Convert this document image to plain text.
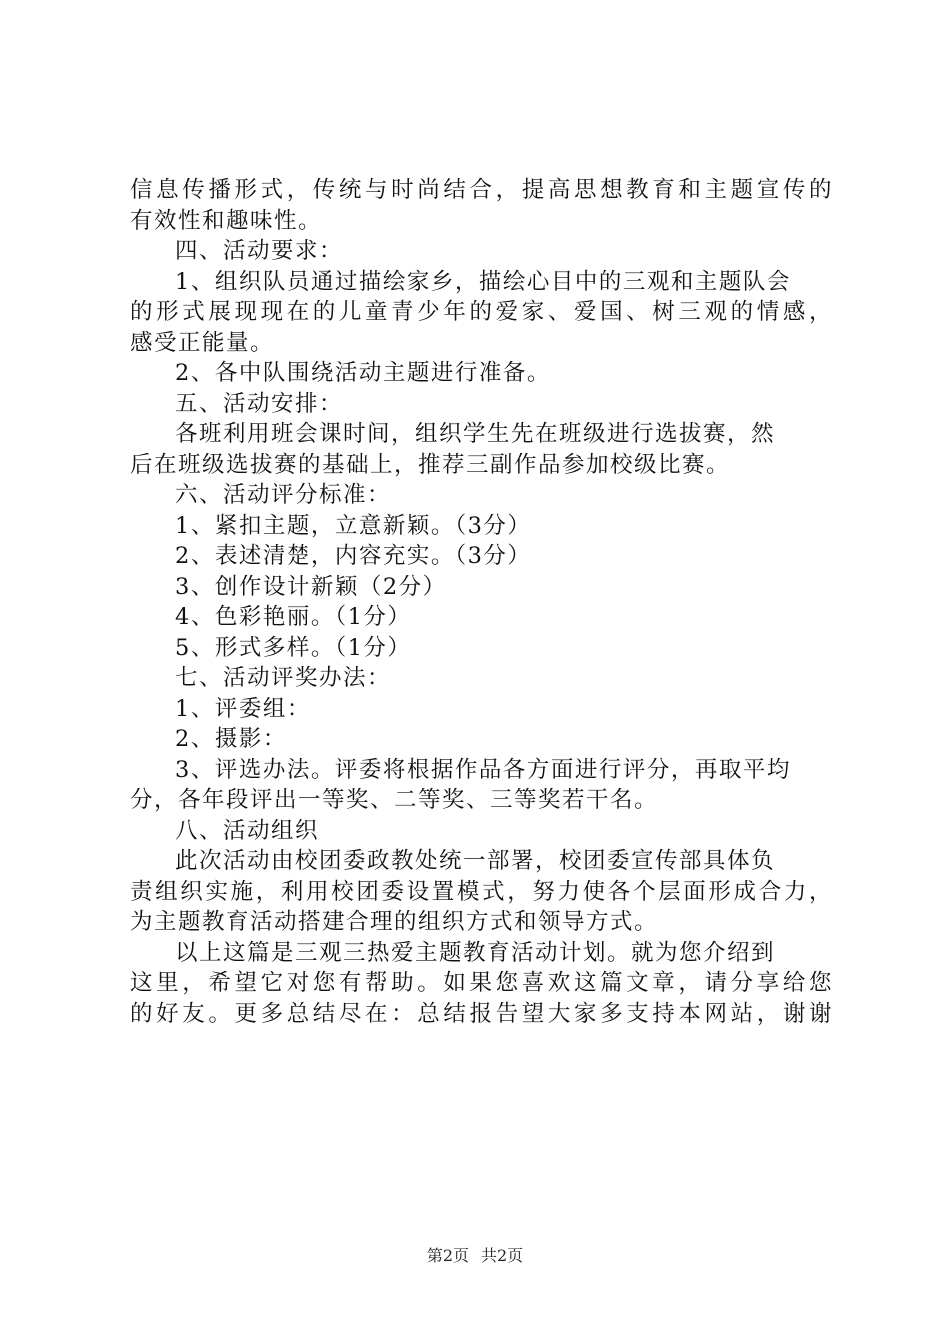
信息传播形式，传统与时尚结合，提高思想教育和主题宣传的
有效性和趣味性。
四、活动要求：
1、组织队员通过描绘家乡，描绘心目中的三观和主题队会
的形式展现现在的儿童青少年的爱家、爱国、树三观的情感，
感受正能量。
2、各中队围绕活动主题进行准备。
五、活动安排：
各班利用班会课时间，组织学生先在班级进行选拔赛，然
后在班级选拔赛的基础上，推荐三副作品参加校级比赛。
六、活动评分标准：
1、紧扣主题，立意新颖。（3分）
2、表述清楚，内容充实。（3分）
3、创作设计新颖（2分）
4、色彩艳丽。（1分）
5、形式多样。（1分）
七、活动评奖办法：
1、评委组：
2、摄影：
3、评选办法。评委将根据作品各方面进行评分，再取平均
分，各年段评出一等奖、二等奖、三等奖若干名。
八、活动组织
此次活动由校团委政教处统一部署，校团委宣传部具体负
责组织实施，利用校团委设置模式，努力使各个层面形成合力，
为主题教育活动搭建合理的组织方式和领导方式。
以上这篇是三观三热爱主题教育活动计划。就为您介绍到
这里，希望它对您有帮助。如果您喜欢这篇文章，请分享给您
的好友。更多总结尽在：总结报告望大家多支持本网站，谢谢
第2页 共2页
